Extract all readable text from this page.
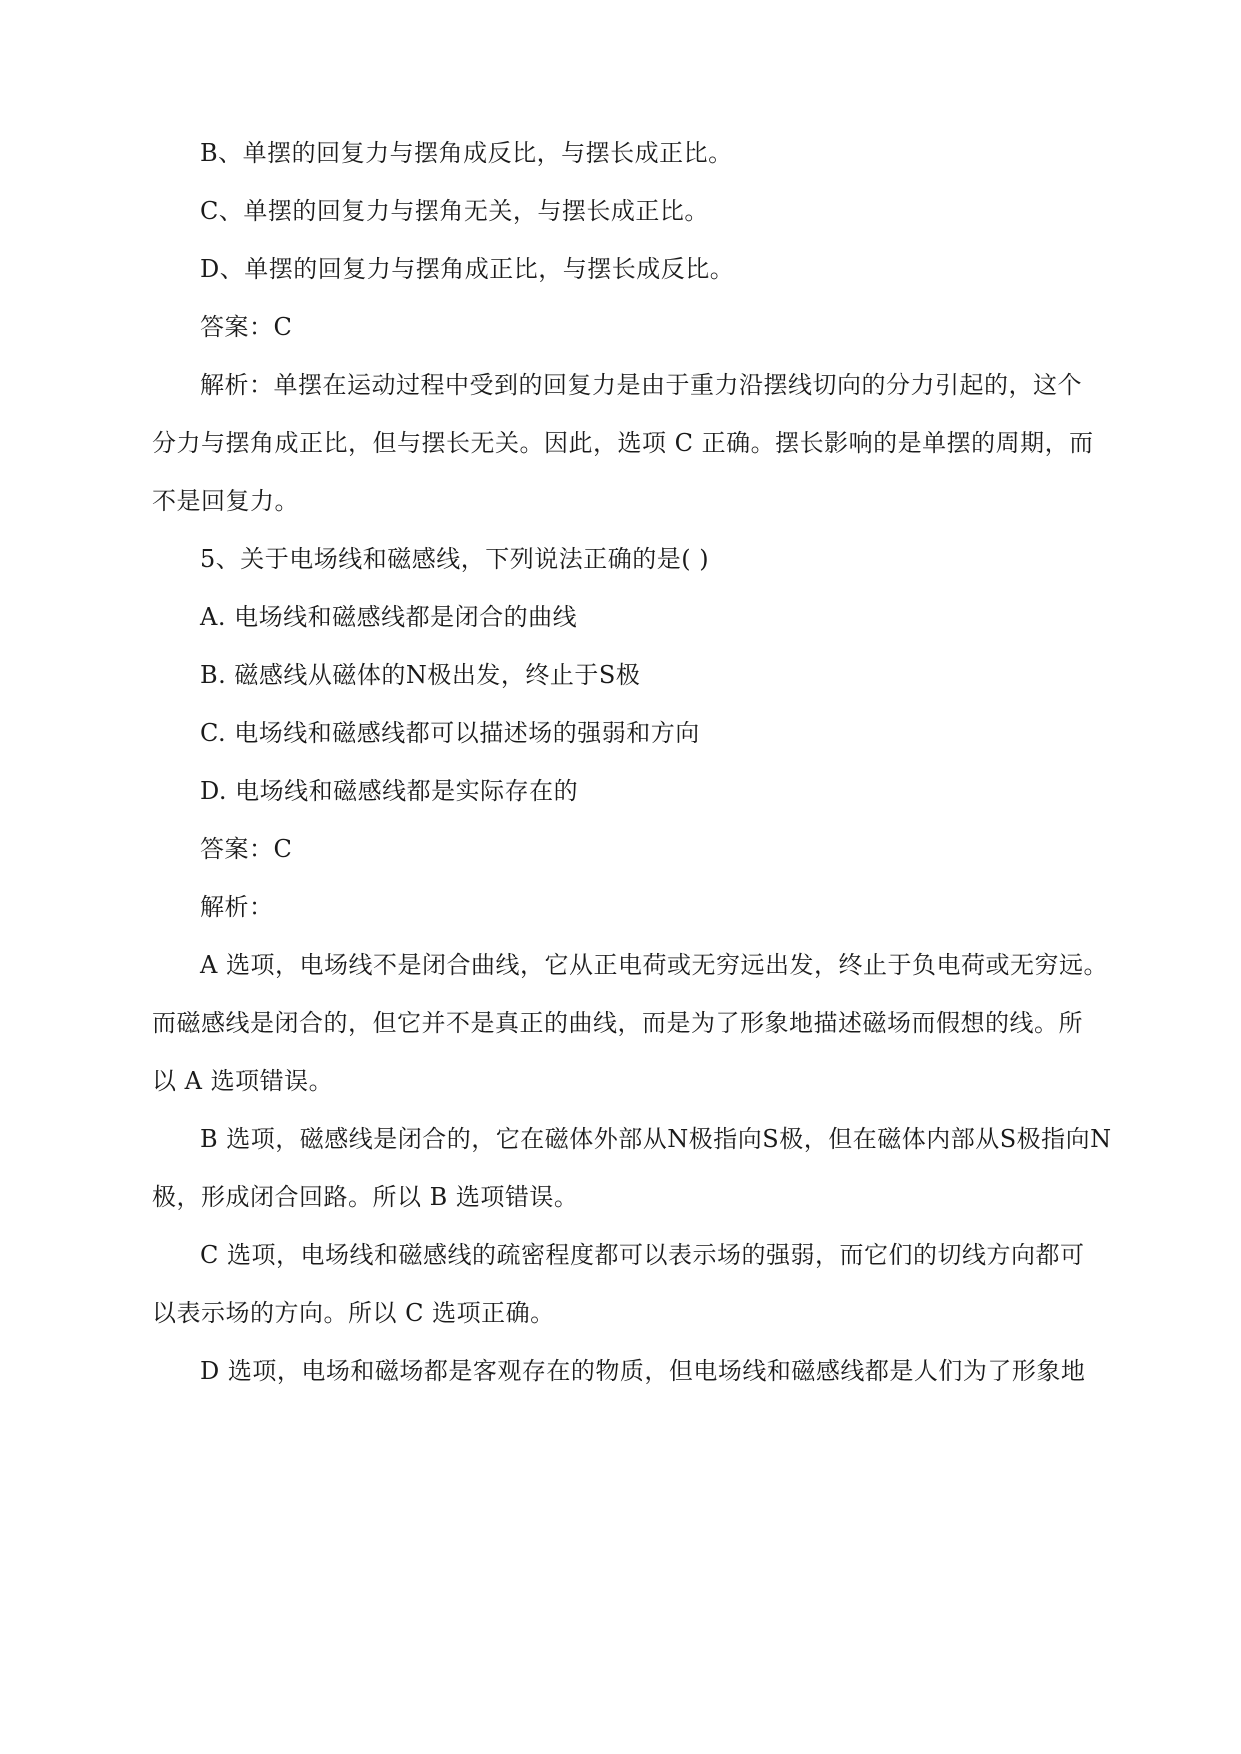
B、单摆的回复力与摆角成反比，与摆长成正比。
C、单摆的回复力与摆角无关，与摆长成正比。
D、单摆的回复力与摆角成正比，与摆长成反比。
答案：C
解析：单摆在运动过程中受到的回复力是由于重力沿摆线切向的分力引起的，这个
分力与摆角成正比，但与摆长无关。因此，选项 C 正确。摆长影响的是单摆的周期，而
不是回复力。
5、关于电场线和磁感线，下列说法正确的是( )
A. 电场线和磁感线都是闭合的曲线
B. 磁感线从磁体的N极出发，终止于S极
C. 电场线和磁感线都可以描述场的强弱和方向
D. 电场线和磁感线都是实际存在的
答案：C
解析：
A 选项，电场线不是闭合曲线，它从正电荷或无穷远出发，终止于负电荷或无穷远。
而磁感线是闭合的，但它并不是真正的曲线，而是为了形象地描述磁场而假想的线。所
以 A 选项错误。
B 选项，磁感线是闭合的，它在磁体外部从N极指向S极，但在磁体内部从S极指向N
极，形成闭合回路。所以 B 选项错误。
C 选项，电场线和磁感线的疏密程度都可以表示场的强弱，而它们的切线方向都可
以表示场的方向。所以 C 选项正确。
D 选项，电场和磁场都是客观存在的物质，但电场线和磁感线都是人们为了形象地
